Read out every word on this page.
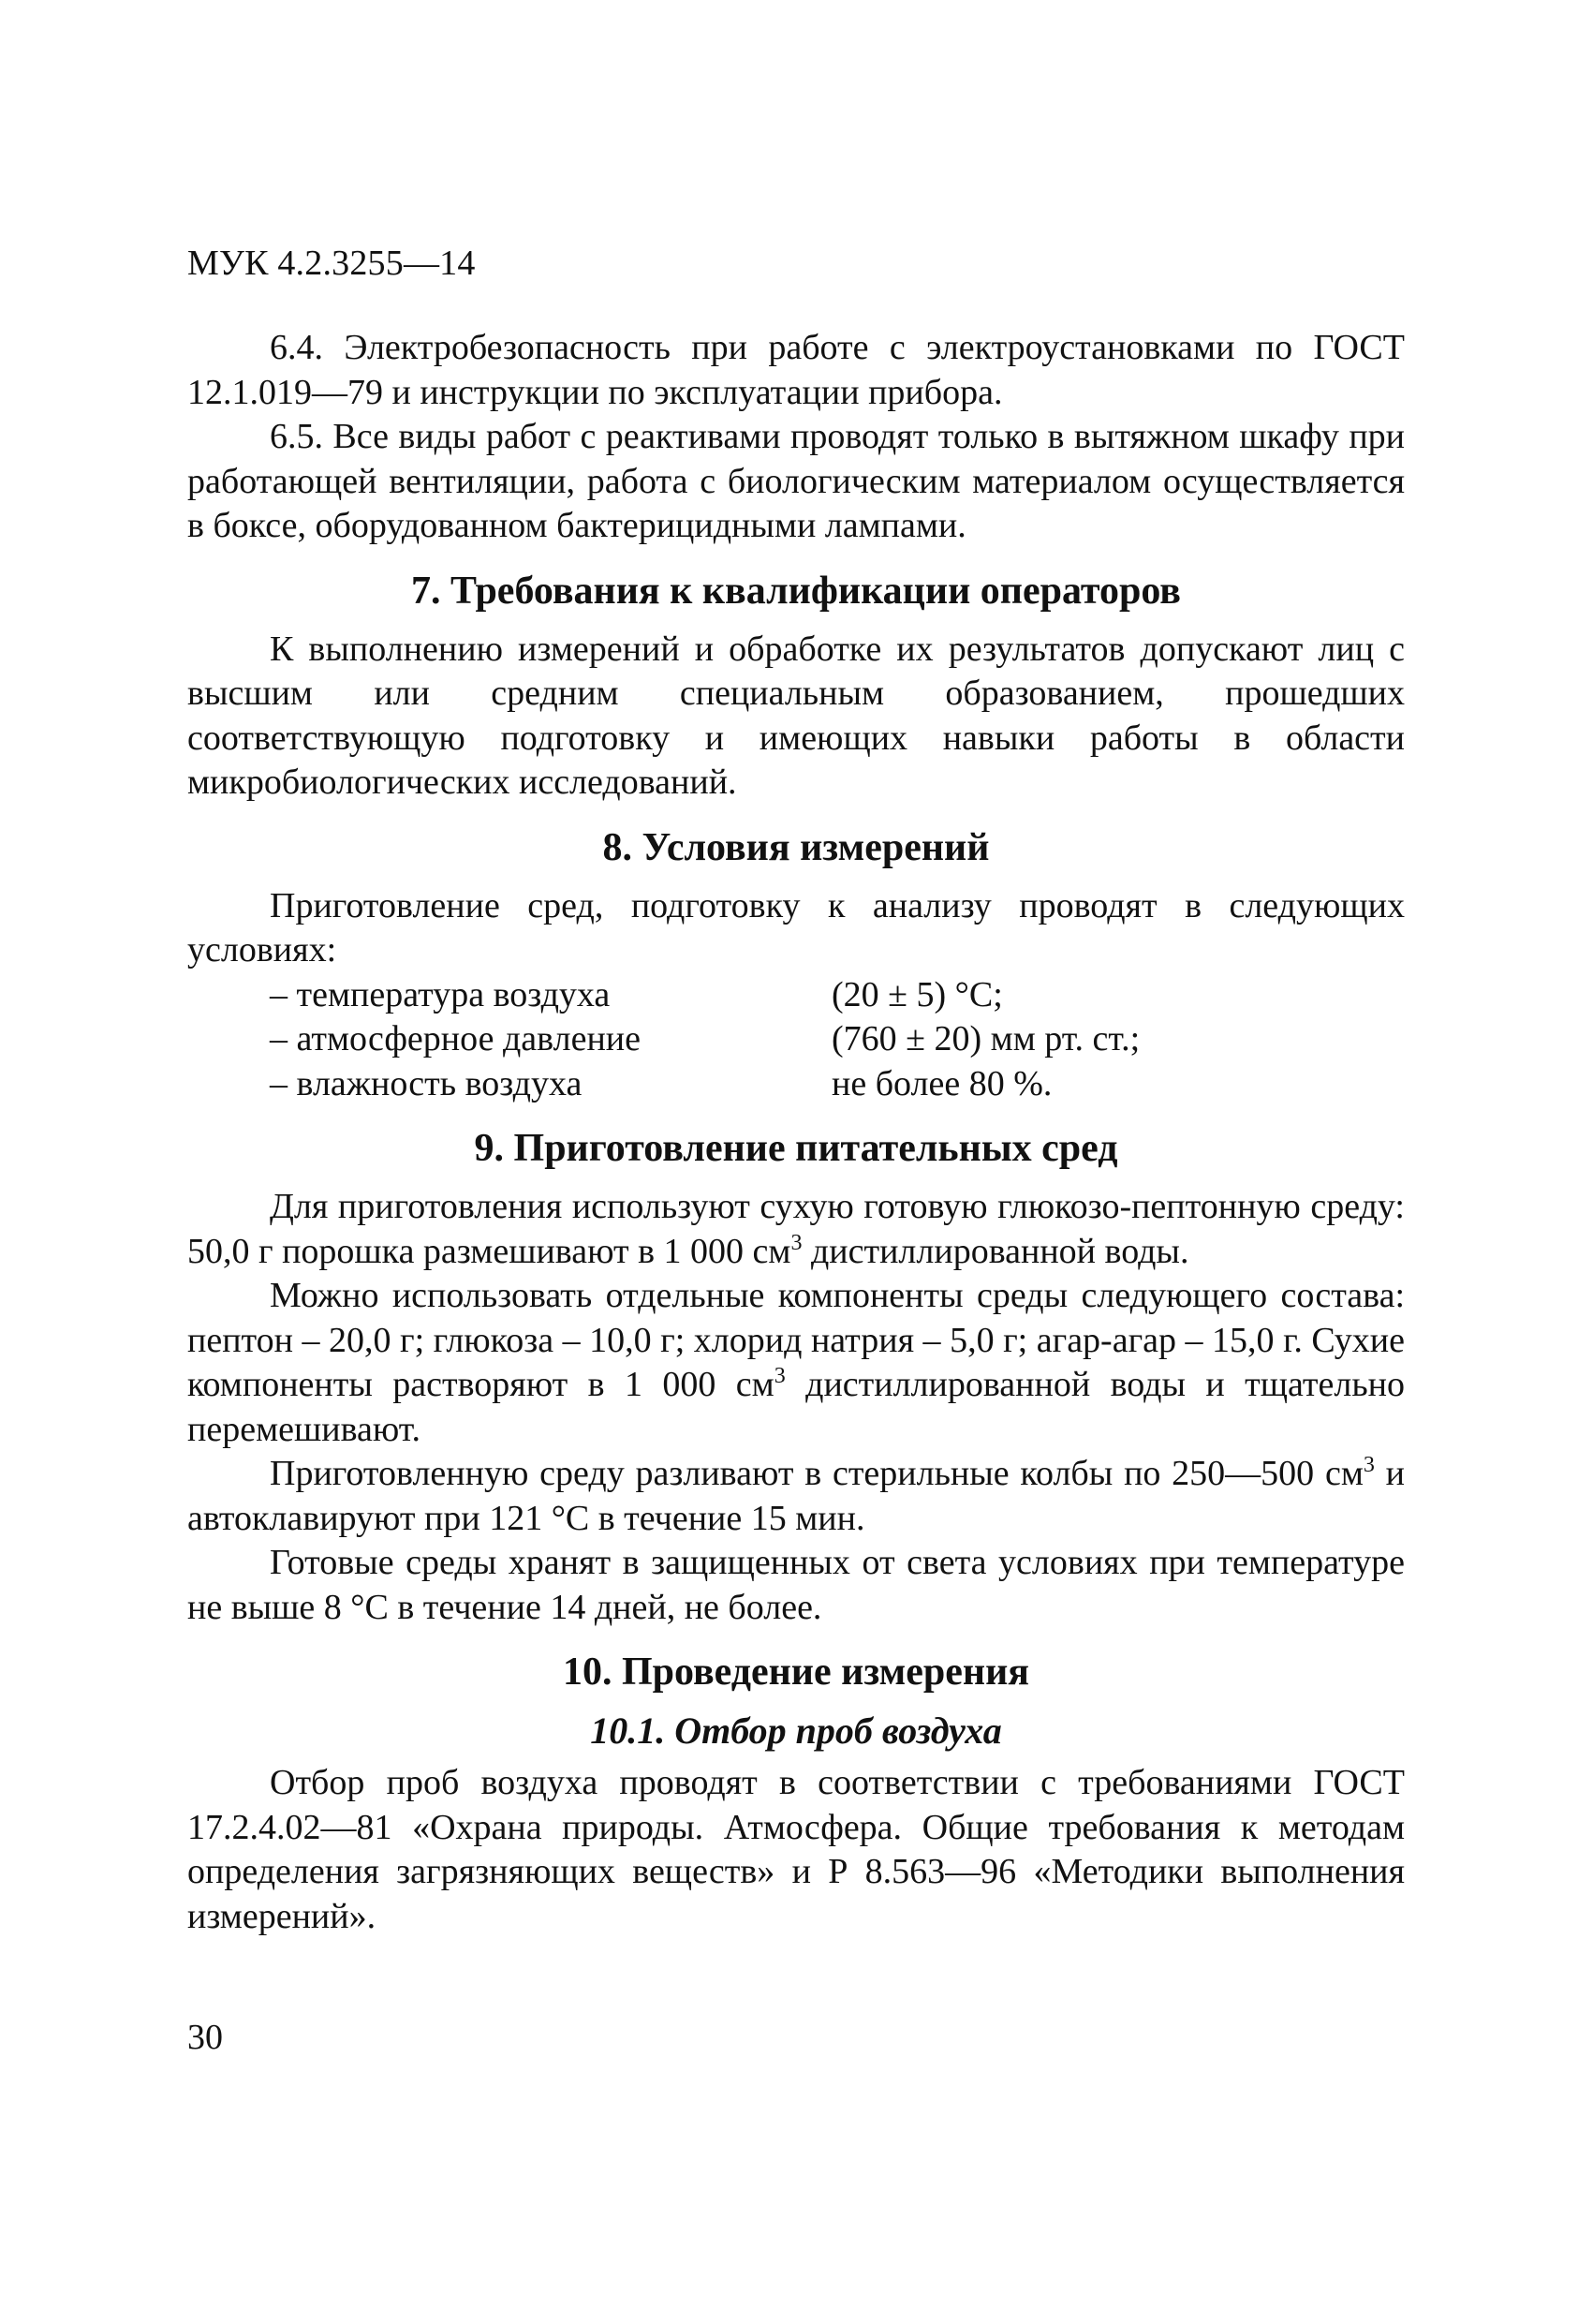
МУК 4.2.3255—14

6.4. Электробезопасность при работе с электроустановками по ГОСТ 12.1.019—79 и инструкции по эксплуатации прибора.

6.5. Все виды работ с реактивами проводят только в вытяжном шкафу при работающей вентиляции, работа с биологическим материалом осуществляется в боксе, оборудованном бактерицидными лампами.

7. Требования к квалификации операторов

К выполнению измерений и обработке их результатов допускают лиц с высшим или средним специальным образованием, прошедших соответствующую подготовку и имеющих навыки работы в области микробиологических исследований.

8. Условия измерений

Приготовление сред, подготовку к анализу проводят в следующих условиях:

– температура воздуха	(20 ± 5) °С;
– атмосферное давление	(760 ± 20) мм рт. ст.;
– влажность воздуха	не более 80 %.
9. Приготовление питательных сред

Для приготовления используют сухую готовую глюкозо-пептонную среду: 50,0 г порошка размешивают в 1 000 $см^3$ дистиллированной воды.

Можно использовать отдельные компоненты среды следующего состава: пептон – 20,0 г; глюкоза – 10,0 г; хлорид натрия – 5,0 г; агар-агар – 15,0 г. Сухие компоненты растворяют в 1 000 $см^3$ дистиллированной воды и тщательно перемешивают.

Приготовленную среду разливают в стерильные колбы по 250—500 $см^3$ и автоклавируют при 121 °С в течение 15 мин.

Готовые среды хранят в защищенных от света условиях при температуре не выше 8 °С в течение 14 дней, не более.

10. Проведение измерения
10.1. Отбор проб воздуха

Отбор проб воздуха проводят в соответствии с требованиями ГОСТ 17.2.4.02—81 «Охрана природы. Атмосфера. Общие требования к методам определения загрязняющих веществ» и Р 8.563—96 «Методики выполнения измерений».

30
